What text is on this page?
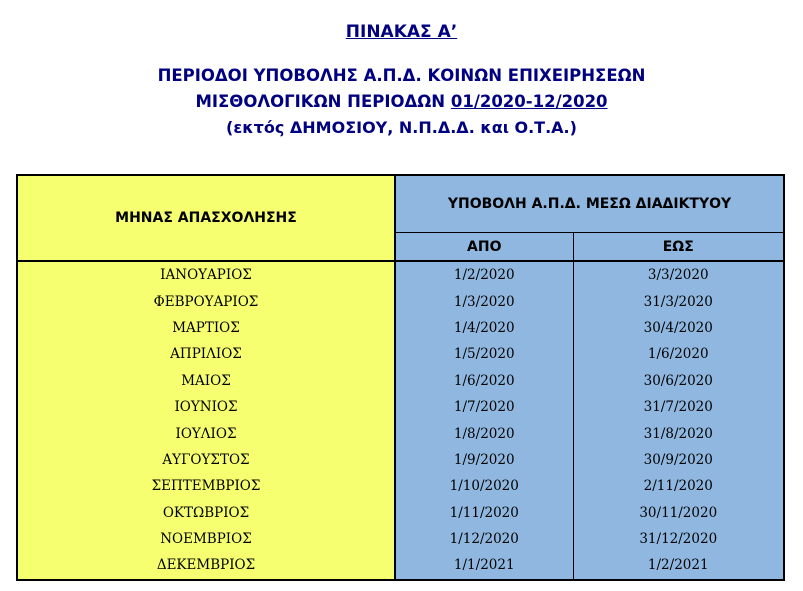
ΠΙΝΑΚΑΣ Α’
ΠΕΡΙΟΔΟΙ ΥΠΟΒΟΛΗΣ Α.Π.Δ. ΚΟΙΝΩΝ ΕΠΙΧΕΙΡΗΣΕΩΝ
ΜΙΣΘΟΛΟΓΙΚΩΝ ΠΕΡΙΟΔΩΝ 01/2020-12/2020
(εκτός ΔΗΜΟΣΙΟΥ, Ν.Π.Δ.Δ. και Ο.Τ.Α.)
ΜΗΝΑΣ ΑΠΑΣΧΟΛΗΣΗΣ	ΥΠΟΒΟΛΗ Α.Π.Δ. ΜΕΣΩ ΔΙΑΔΙΚΤΥΟΥ	
	ΑΠΟ	ΕΩΣ
ΙΑΝΟΥΑΡΙΟΣ	1/2/2020	3/3/2020
ΦΕΒΡΟΥΑΡΙΟΣ	1/3/2020	31/3/2020
ΜΑΡΤΙΟΣ	1/4/2020	30/4/2020
ΑΠΡΙΛΙΟΣ	1/5/2020	1/6/2020
ΜΑΙΟΣ	1/6/2020	30/6/2020
ΙΟΥΝΙΟΣ	1/7/2020	31/7/2020
ΙΟΥΛΙΟΣ	1/8/2020	31/8/2020
ΑΥΓΟΥΣΤΟΣ	1/9/2020	30/9/2020
ΣΕΠΤΕΜΒΡΙΟΣ	1/10/2020	2/11/2020
ΟΚΤΩΒΡΙΟΣ	1/11/2020	30/11/2020
ΝΟΕΜΒΡΙΟΣ	1/12/2020	31/12/2020
ΔΕΚΕΜΒΡΙΟΣ	1/1/2021	1/2/2021
